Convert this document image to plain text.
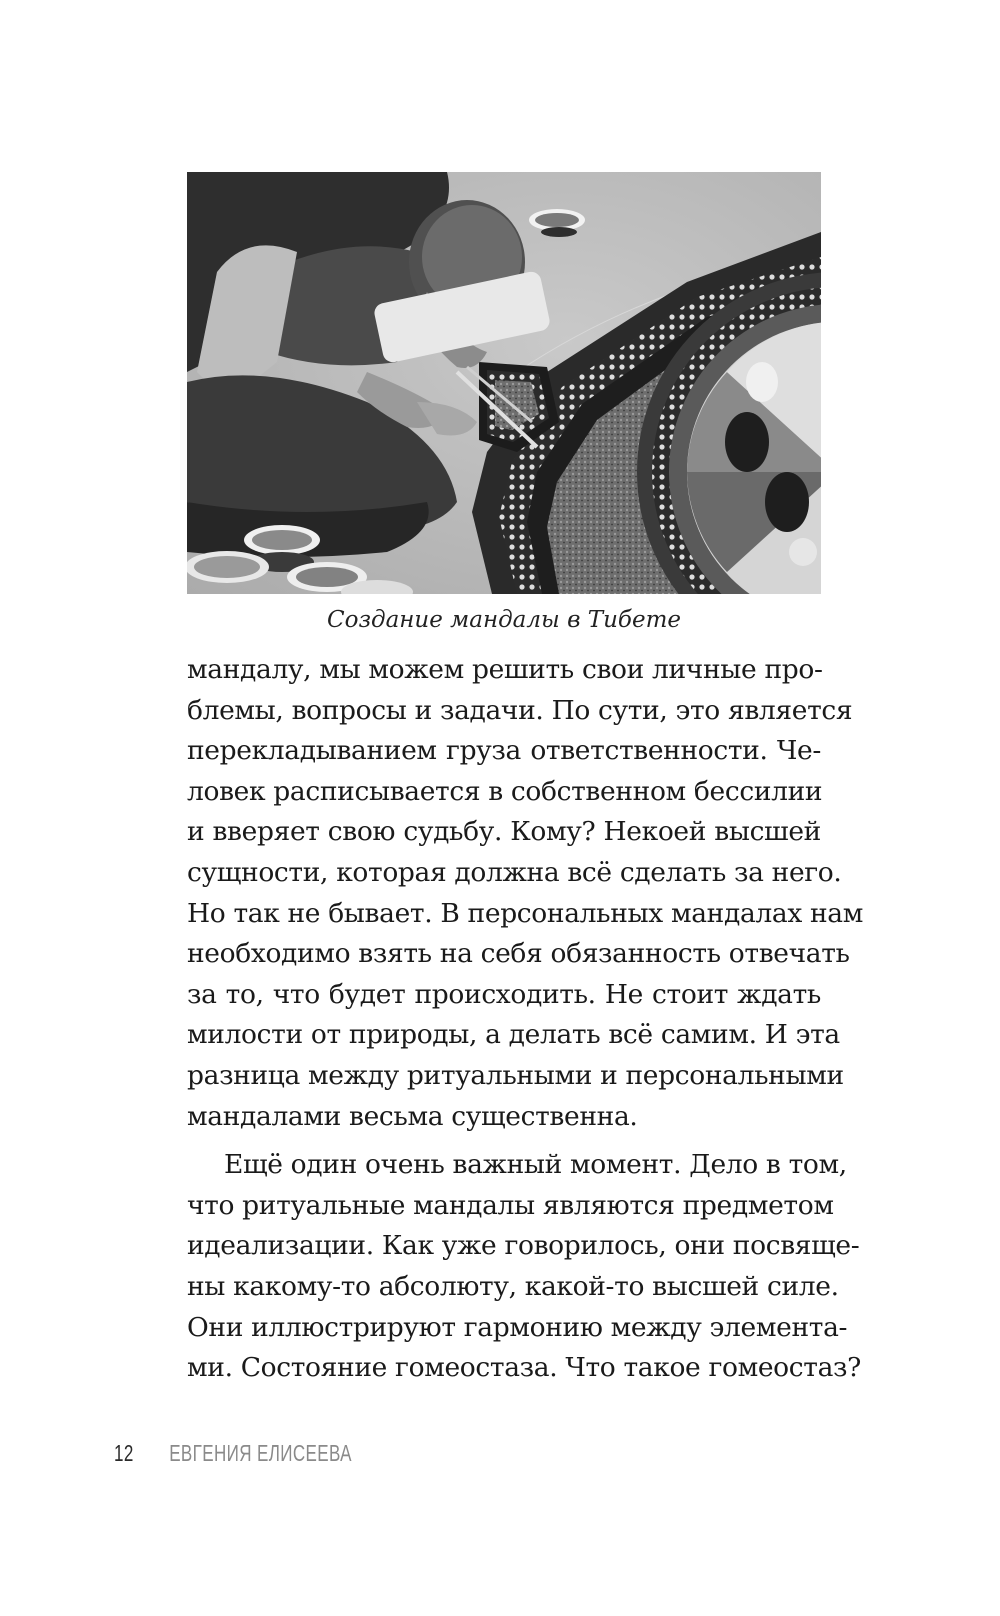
Создание мандалы в Тибете
мандалу, мы можем решить свои личные про-
блемы, вопросы и задачи. По сути, это является
перекладыванием груза ответственности. Че-
ловек расписывается в собственном бессилии
и вверяет свою судьбу. Кому? Некоей высшей
сущности, которая должна всё сделать за него.
Но так не бывает. В персональных мандалах нам
необходимо взять на себя обязанность отвечать
за то, что будет происходить. Не стоит ждать
милости от природы, а делать всё самим. И эта
разница между ритуальными и персональными
мандалами весьма существенна.
Ещё один очень важный момент. Дело в том,
что ритуальные мандалы являются предметом
идеализации. Как уже говорилось, они посвяще-
ны какому-то абсолюту, какой-то высшей силе.
Они иллюстрируют гармонию между элемента-
ми. Состояние гомеостаза. Что такое гомеостаз?
12 ЕВГЕНИЯ ЕЛИСЕЕВА
